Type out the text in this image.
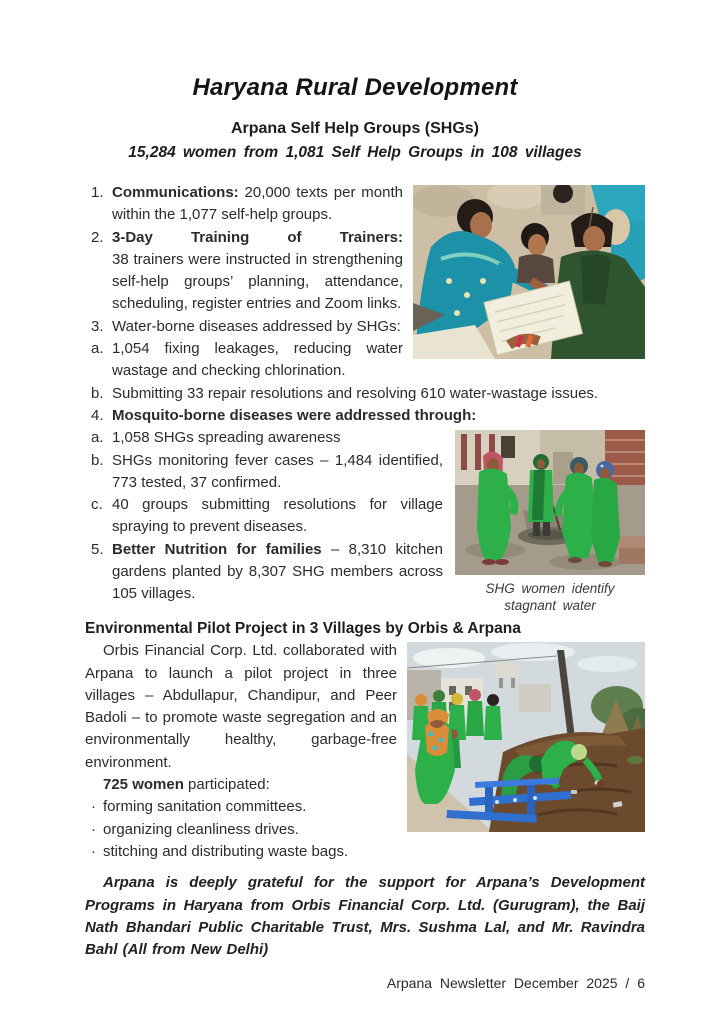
Haryana Rural Development
Arpana Self Help Groups (SHGs)
15,284 women from 1,081 Self Help Groups in 108 villages
1. Communications: 20,000 texts per month within the 1,077 self-help groups.
2. 3-Day Training of Trainers:
38 trainers were instructed in strengthening self-help groups’ planning, attendance, scheduling, register entries and Zoom links.
3. Water-borne diseases addressed by SHGs:
a. 1,054 fixing leakages, reducing water wastage and checking chlorination.
b. Submitting 33 repair resolutions and resolving 610 water-wastage issues.
4. Mosquito-borne diseases were addressed through:
SHG women identify stagnant water
a. 1,058 SHGs spreading awareness
b. SHGs monitoring fever cases – 1,484 identified, 773 tested, 37 confirmed.
c. 40 groups submitting resolutions for village spraying to prevent diseases.
5. Better Nutrition for families – 8,310 kitchen gardens planted by 8,307 SHG members across 105 villages.
Environmental Pilot Project in 3 Villages by Orbis & Arpana

Orbis Financial Corp. Ltd. collaborated with Arpana to launch a pilot project in three villages – Abdullapur, Chandipur, and Peer Badoli – to promote waste segregation and an environmentally healthy, garbage-free environment.

725 women participated:
· forming sanitation committees.
· organizing cleanliness drives.
· stitching and distributing waste bags.

Arpana is deeply grateful for the support for Arpana’s Development Programs in Haryana from Orbis Financial Corp. Ltd. (Gurugram), the Baij Nath Bhandari Public Charitable Trust, Mrs. Sushma Lal, and Mr. Ravindra Bahl (All from New Delhi)

Arpana Newsletter December 2025 / 6
